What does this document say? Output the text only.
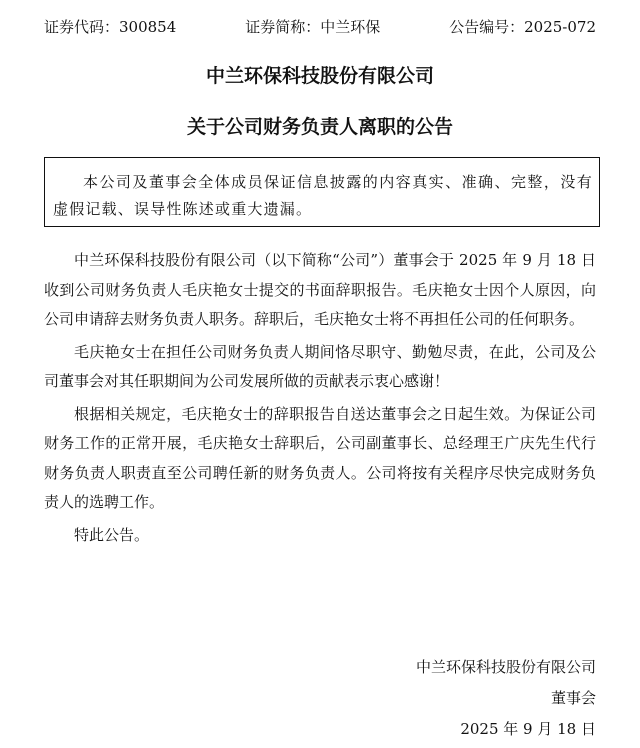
证券代码：300854	证券简称：中兰环保	公告编号：2025-072
中兰环保科技股份有限公司
关于公司财务负责人离职的公告
本公司及董事会全体成员保证信息披露的内容真实、准确、完整，没有虚假记载、误导性陈述或重大遗漏。

中兰环保科技股份有限公司（以下简称“公司”）董事会于 2025 年 9 月 18 日收到公司财务负责人毛庆艳女士提交的书面辞职报告。毛庆艳女士因个人原因，向公司申请辞去财务负责人职务。辞职后，毛庆艳女士将不再担任公司的任何职务。

毛庆艳女士在担任公司财务负责人期间恪尽职守、勤勉尽责，在此，公司及公司董事会对其任职期间为公司发展所做的贡献表示衷心感谢！

根据相关规定，毛庆艳女士的辞职报告自送达董事会之日起生效。为保证公司财务工作的正常开展，毛庆艳女士辞职后，公司副董事长、总经理王广庆先生代行财务负责人职责直至公司聘任新的财务负责人。公司将按有关程序尽快完成财务负责人的选聘工作。

特此公告。

中兰环保科技股份有限公司
董事会
2025 年 9 月 18 日
